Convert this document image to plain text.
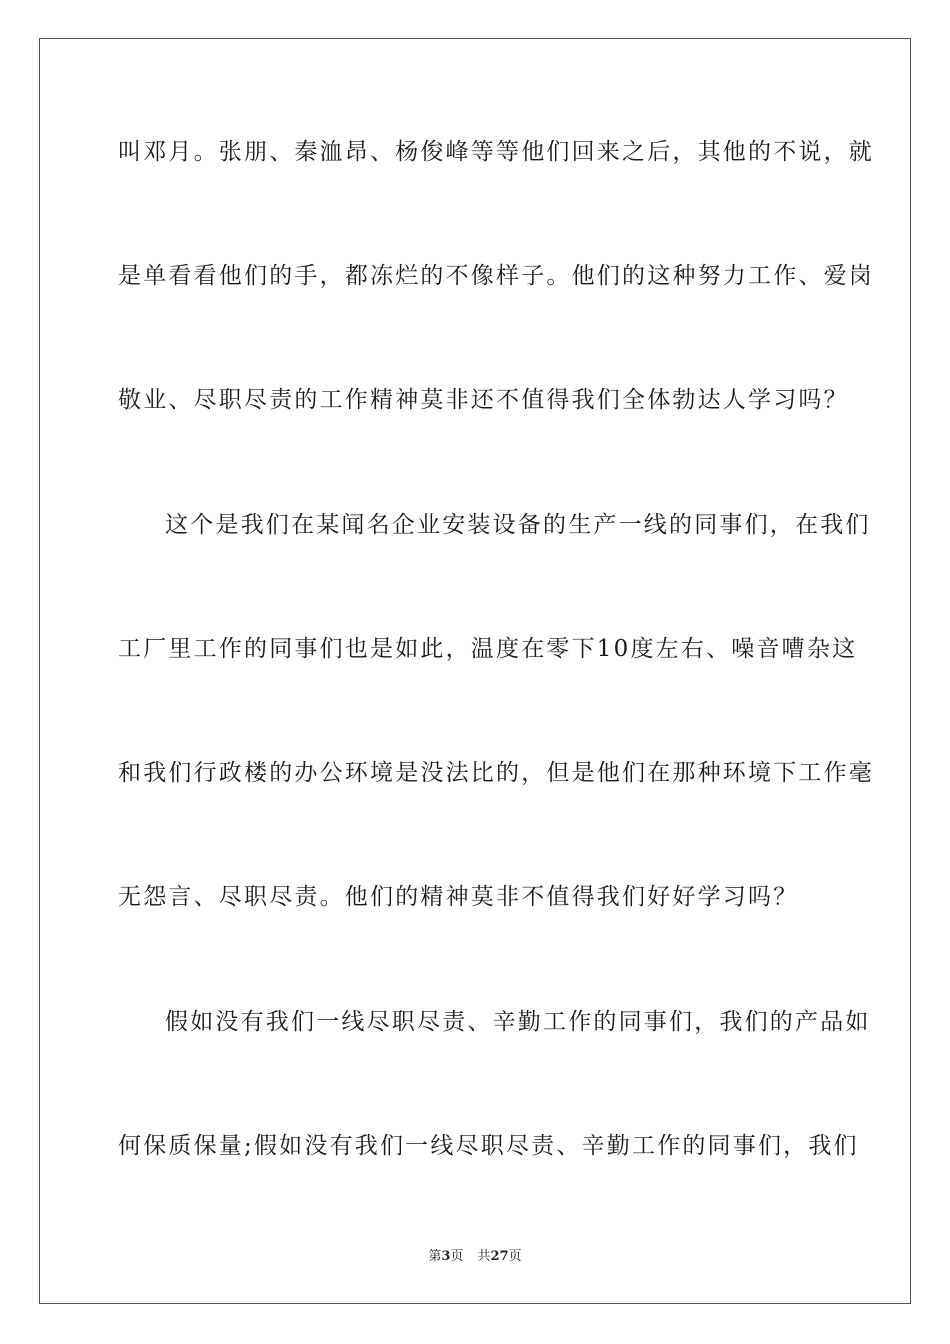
叫邓月。张朋、秦洫昂、杨俊峰等等他们回来之后，其他的不说，就
是单看看他们的手，都冻烂的不像样子。他们的这种努力工作、爱岗
敬业、尽职尽责的工作精神莫非还不值得我们全体勃达人学习吗？
这个是我们在某闻名企业安装设备的生产一线的同事们，在我们
工厂里工作的同事们也是如此，温度在零下10度左右、噪音嘈杂这
和我们行政楼的办公环境是没法比的，但是他们在那种环境下工作毫
无怨言、尽职尽责。他们的精神莫非不值得我们好好学习吗？
假如没有我们一线尽职尽责、辛勤工作的同事们，我们的产品如
何保质保量;假如没有我们一线尽职尽责、辛勤工作的同事们，我们
第3页 共27页
